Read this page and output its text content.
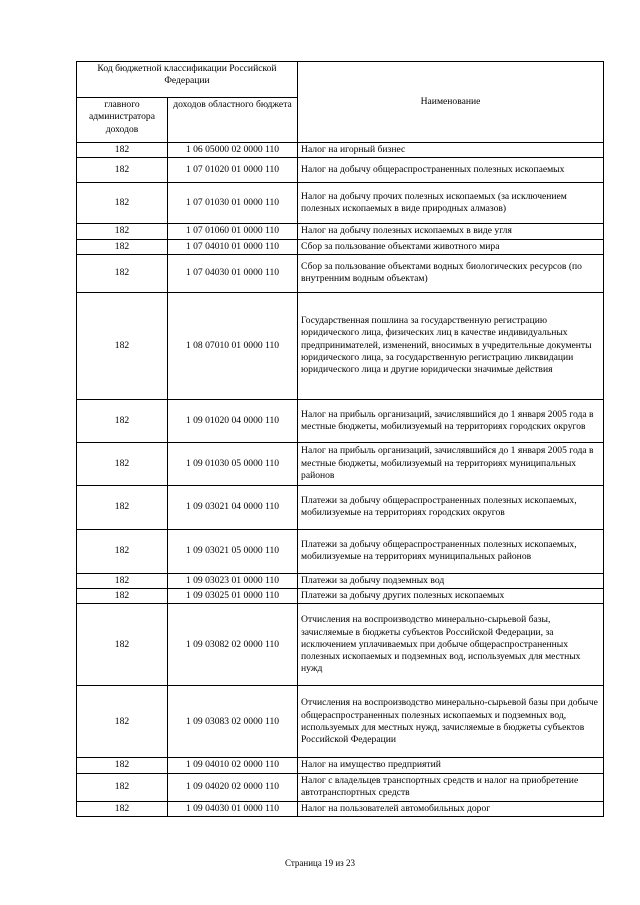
Код бюджетной классификации Российской Федерации		Наименование
главного администратора доходов	доходов областного бюджета	
182	1 06 05000 02 0000 110	Налог на игорный бизнес
182	1 07 01020 01 0000 110	Налог на добычу общераспространенных полезных ископаемых
182	1 07 01030 01 0000 110	Налог на добычу прочих полезных ископаемых (за исключением полезных ископаемых в виде природных алмазов)
182	1 07 01060 01 0000 110	Налог на добычу полезных ископаемых в виде угля
182	1 07 04010 01 0000 110	Сбор за пользование объектами животного мира
182	1 07 04030 01 0000 110	Сбор за пользование объектами водных биологических ресурсов (по внутренним водным объектам)
182	1 08 07010 01 0000 110	Государственная пошлина за государственную регистрацию юридического лица, физических лиц в качестве индивидуальных предпринимателей, изменений, вносимых в учредительные документы юридического лица, за государственную регистрацию ликвидации юридического лица и другие юридически значимые действия
182	1 09 01020 04 0000 110	Налог на прибыль организаций, зачислявшийся до 1 января 2005 года в местные бюджеты, мобилизуемый на территориях городских округов
182	1 09 01030 05 0000 110	Налог на прибыль организаций, зачислявшийся до 1 января 2005 года в местные бюджеты, мобилизуемый на территориях муниципальных районов
182	1 09 03021 04 0000 110	Платежи за добычу общераспространенных полезных ископаемых, мобилизуемые на территориях городских округов
182	1 09 03021 05 0000 110	Платежи за добычу общераспространенных полезных ископаемых, мобилизуемые на территориях муниципальных районов
182	1 09 03023 01 0000 110	Платежи за добычу подземных вод
182	1 09 03025 01 0000 110	Платежи за добычу других полезных ископаемых
182	1 09 03082 02 0000 110	Отчисления на воспроизводство минерально-сырьевой базы, зачисляемые в бюджеты субъектов Российской Федерации, за исключением уплачиваемых при добыче общераспространенных полезных ископаемых и подземных вод, используемых для местных нужд
182	1 09 03083 02 0000 110	Отчисления на воспроизводство минерально-сырьевой базы при добыче общераспространенных полезных ископаемых и подземных вод, используемых для местных нужд, зачисляемые в бюджеты субъектов Российской Федерации
182	1 09 04010 02 0000 110	Налог на имущество предприятий
182	1 09 04020 02 0000 110	Налог с владельцев транспортных средств и налог на приобретение автотранспортных средств
182	1 09 04030 01 0000 110	Налог на пользователей автомобильных дорог
Страница 19 из 23
